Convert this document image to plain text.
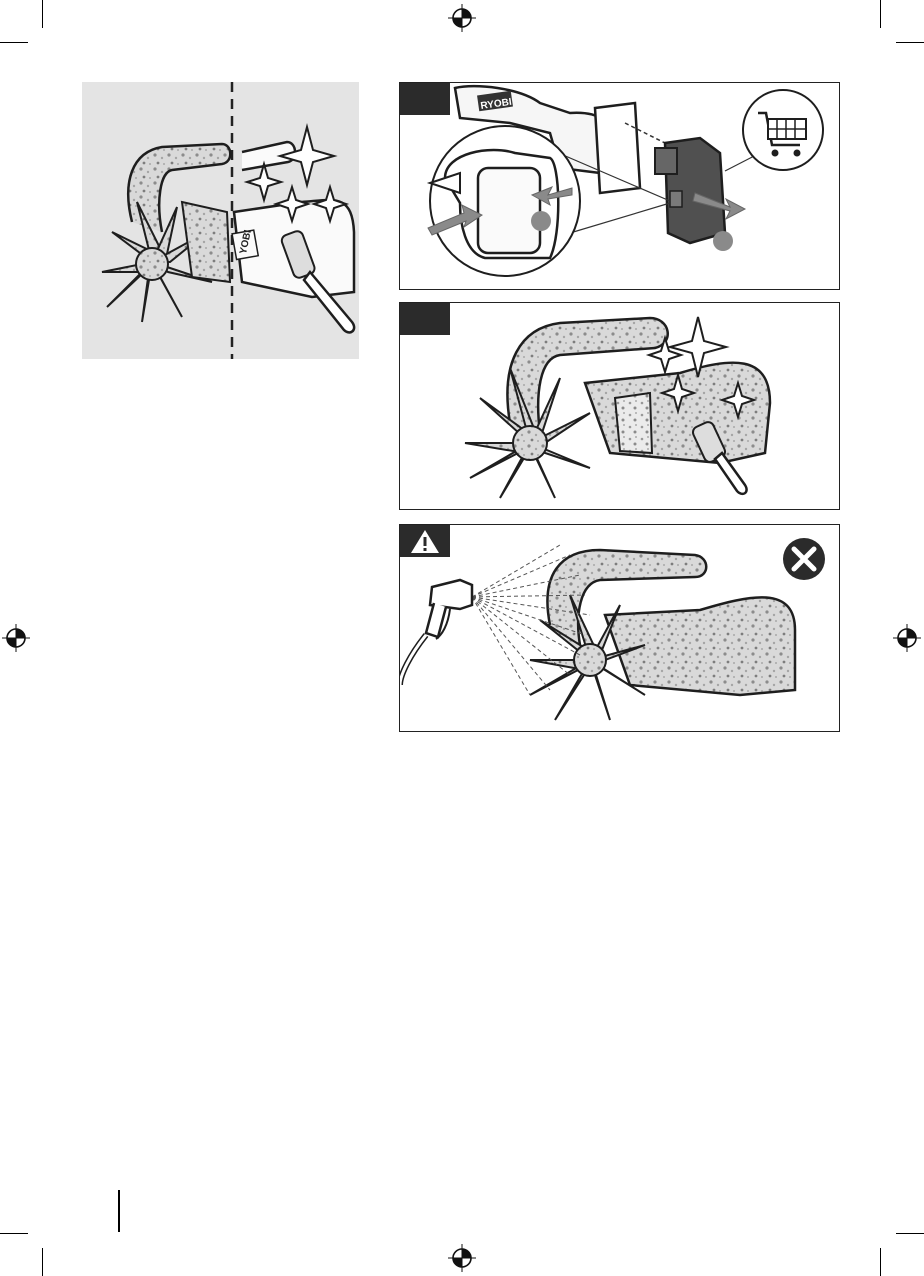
YOBI
RYOBI
